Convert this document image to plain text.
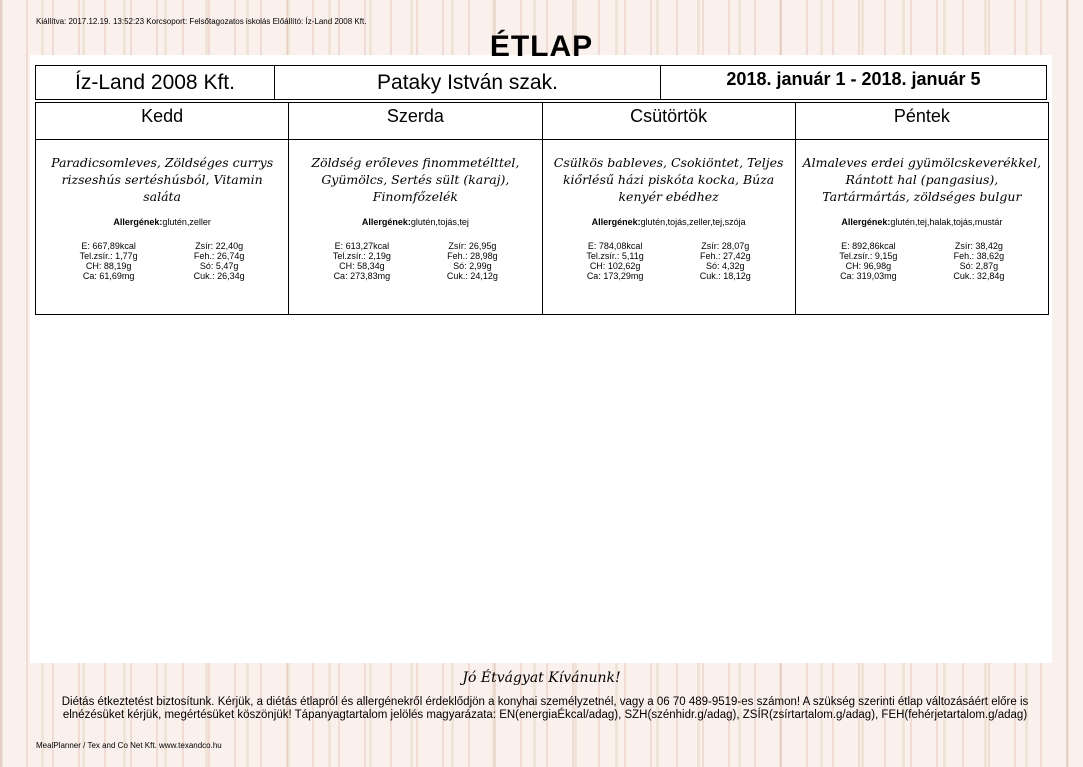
Kiállítva: 2017.12.19. 13:52:23 Korcsoport: Felsőtagozatos iskolás Előállító: Íz-Land 2008 Kft.
ÉTLAP
Íz-Land 2008 Kft.	Pataky István szak.	2018. január 1 - 2018. január 5
Kedd
Paradicsomleves, Zöldséges currys rizseshús sertéshúsból, Vitamin saláta
Allergének:glutén,zeller
E: 667,89kcal
Tel.zsír.: 1,77g
CH: 88,19g
Ca: 61,69mg
Zsír: 22,40g
Feh.: 26,74g
Só: 5,47g
Cuk.: 26,34g
Szerda
Zöldség erőleves finommetélttel, Gyümölcs, Sertés sült (karaj), Finomfőzelék
Allergének:glutén,tojás,tej
E: 613,27kcal
Tel.zsír.: 2,19g
CH: 58,34g
Ca: 273,83mg
Zsír: 26,95g
Feh.: 28,98g
Só: 2,99g
Cuk.: 24,12g
Csütörtök
Csülkös bableves, Csokiöntet, Teljes kiőrlésű házi piskóta kocka, Búza kenyér ebédhez
Allergének:glutén,tojás,zeller,tej,szója
E: 784,08kcal
Tel.zsír.: 5,11g
CH: 102,62g
Ca: 173,29mg
Zsír: 28,07g
Feh.: 27,42g
Só: 4,32g
Cuk.: 18,12g
Péntek
Almaleves erdei gyümölcskeverékkel, Rántott hal (pangasius), Tartármártás, zöldséges bulgur
Allergének:glutén,tej,halak,tojás,mustár
E: 892,86kcal
Tel.zsír.: 9,15g
CH: 96,98g
Ca: 319,03mg
Zsír: 38,42g
Feh.: 38,62g
Só: 2,87g
Cuk.: 32,84g
Jó Étvágyat Kívánunk!
Diétás étkeztetést biztosítunk. Kérjük, a diétás étlapról és allergénekről érdeklődjön a konyhai személyzetnél, vagy a 06 70 489-9519-es számon! A szükség szerinti étlap változásáért előre is elnézésüket kérjük, megértésüket köszönjük! Tápanyagtartalom jelölés magyarázata: EN(energiaÉkcal/adag), SZH(szénhidr.g/adag), ZSÍR(zsírtartalom.g/adag), FEH(fehérjetartalom.g/adag)
MealPlanner / Tex and Co Net Kft. www.texandco.hu
